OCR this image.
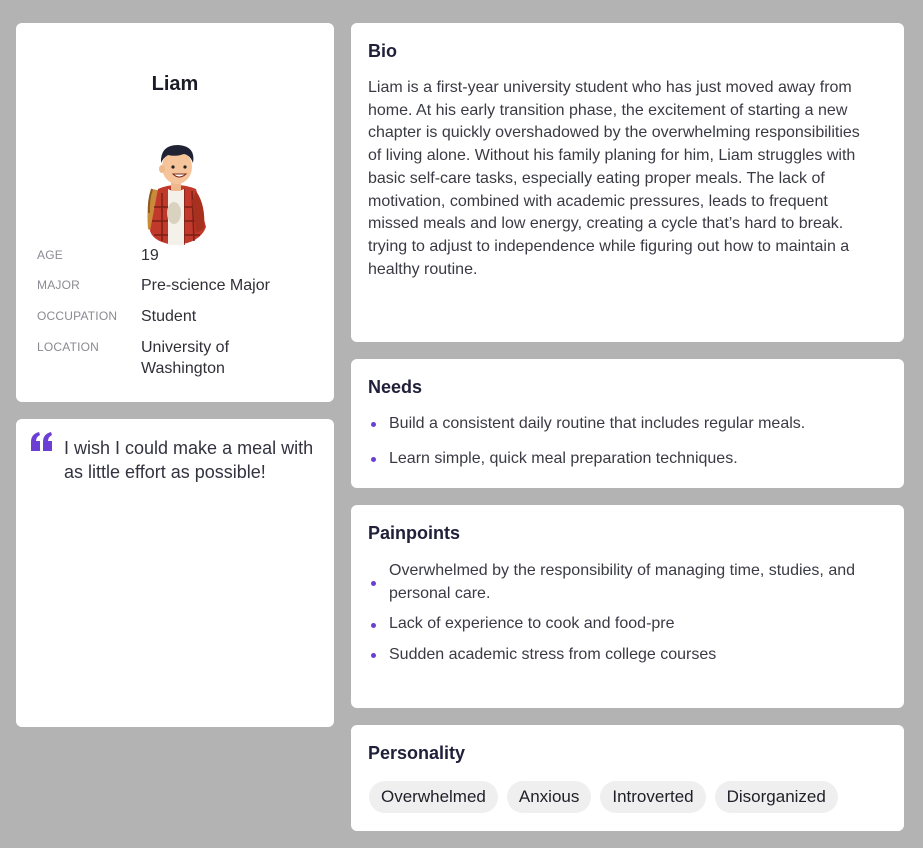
Liam
AGE	19
MAJOR	Pre-science Major
OCCUPATION	Student
LOCATION	University of Washington
I wish I could make a meal with as little effort as possible!
Bio
Liam is a first-year university student who has just moved away from home. At his early transition phase, the excitement of starting a new chapter is quickly overshadowed by the overwhelming responsibilities of living alone. Without his family planing for him, Liam struggles with basic self-care tasks, especially eating proper meals. The lack of motivation, combined with academic pressures, leads to frequent missed meals and low energy, creating a cycle that’s hard to break. trying to adjust to independence while figuring out how to maintain a healthy routine.
Needs
Build a consistent daily routine that includes regular meals.
Learn simple, quick meal preparation techniques.
Painpoints
Overwhelmed by the responsibility of managing time, studies, and personal care.
Lack of experience to cook and food-pre
Sudden academic stress from college courses
Personality
Overwhelmed	Anxious	Introverted	Disorganized
